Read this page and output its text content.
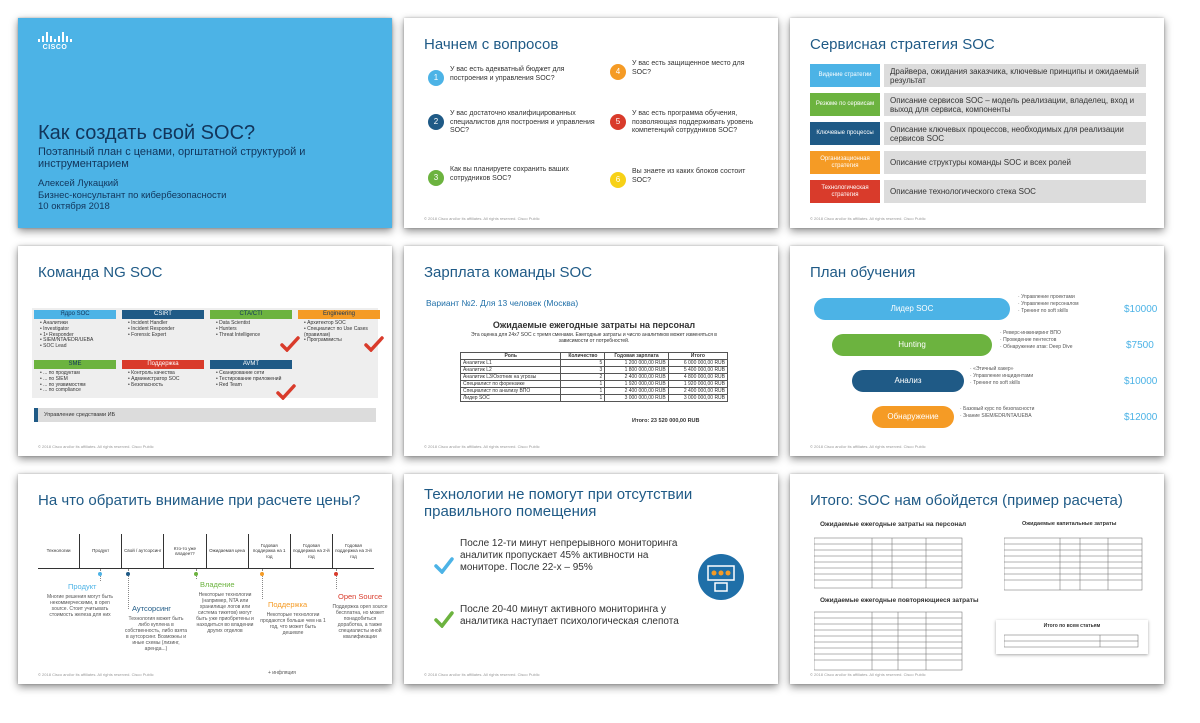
CISCO
Как создать свой SOC?
Поэтапный план с ценами, оргштатной структурой и инструментарием
Алексей Лукацкий
Бизнес-консультант по кибербезопасности
10 октября 2018
Начнем с вопросов
1
У вас есть адекватный бюджет для построения и управления SOC?
2
У вас достаточно квалифицированных специалистов для построения и управления SOC?
3
Как вы планируете сохранить ваших сотрудников SOC?
4
У вас есть защищенное место для SOC?
5
У вас есть программа обучения, позволяющая поддерживать уровень компетенций сотрудников SOC?
6
Вы знаете из каких блоков состоит SOC?
© 2018 Cisco and/or its affiliates. All rights reserved. Cisco Public
Сервисная стратегия SOC
Видение стратегии	Драйвера, ожидания заказчика, ключевые принципы и ожидаемый результат
Резюме по сервисам	Описание сервисов SOC – модель реализации, владелец, вход и выход для сервиса, компоненты
Ключевые процессы	Описание ключевых процессов, необходимых для реализации сервисов SOC
Организационная стратегия	Описание структуры команды SOC и всех ролей
Технологическая стратегия	Описание технологического стека SOC
© 2018 Cisco and/or its affiliates. All rights reserved. Cisco Public
Команда NG SOC
Ядро SOC
• Аналитики
• Investigator
• 1ᵉ Responder
• SIEM/NTA/EDR/UEBA
• SOC Lead
CSIRT
• Incident Handler
• Incident Responder
• Forensic Expert
CTA/CTI
• Data Scientist
• Hunters
• Threat Intelligence
Engineering
• Архитектор SOC
• Специалист по Use Cases (правилам)
• Программисты
SME
• ... по продуктам
• ... по SIEM
• ... по уязвимостям
• ... по compliance
Поддержка
• Контроль качества
• Администратор SOC
• Безопасность
AVMT
• Сканирование сети
• Тестирование приложений
• Red Team
Управление средствами ИБ
© 2018 Cisco and/or its affiliates. All rights reserved. Cisco Public
Зарплата команды SOC
Вариант №2. Для 13 человек (Москва)
Ожидаемые ежегодные затраты на персонал
Эта оценка для 24x7 SOC с тремя сменами. Ежегодные затраты и число аналитиков может изменяться в зависимости от потребностей.
Роль	Количество	Годовая зарплата	Итого
Аналитик L1	5	1 200 000,00 RUB	6 000 000,00 RUB
Аналитик L2	3	1 800 000,00 RUB	5 400 000,00 RUB
Аналитик L3/Охотник на угрозы	2	2 400 000,00 RUB	4 800 000,00 RUB
Специалист по форензике	1	1 920 000,00 RUB	1 920 000,00 RUB
Специалист по анализу ВПО	1	2 400 000,00 RUB	2 400 000,00 RUB
Лидер SOC	1	3 000 000,00 RUB	3 000 000,00 RUB
Итого: 23 520 000,00 RUB
© 2018 Cisco and/or its affiliates. All rights reserved. Cisco Public
План обучения
Лидер SOC
· Управление проектами
· Управление персоналом
· Тренинг по soft skills	$10000
Hunting
· Реверс-инжиниринг ВПО
· Проведение пентестов
· Обнаружение атак: Deep Dive	$7500
Анализ
· «Этичный хакер»
· Управление инцидентами
· Тренинг по soft skills	$10000
Обнаружение
· Базовый курс по безопасности
· Знание SIEM/EDR/NTA/UEBA	$12000
© 2018 Cisco and/or its affiliates. All rights reserved. Cisco Public
На что обратить внимание при расчете цены?
Технологии	Продукт	Свой / аутсорсинг
Кто-то уже владеет?
Ожидаемая цена
Годовая поддержка на 1 год
Годовая поддержка на 2-й год
Годовая поддержка на 3-й год
Продукт
Многие решения могут быть некоммерческими, в open source. Стоит учитывать стоимость железа для них
Аутсорсинг
Технология может быть либо куплена в собственность, либо взята в аутсорсинг. Возможны и иные схемы (лизинг, аренда...)
Владение
Некоторые технологии (например, NTA или хранилище логов или система тикетов) могут быть уже приобретены и находиться во владении других отделов
Поддержка
Некоторые технологии продаются больше чем на 1 год, что может быть дешевле
Open Source
Поддержка open source бесплатна, но может понадобиться доработка, а также специалисты иной квалификации
+ инфляция
© 2018 Cisco and/or its affiliates. All rights reserved. Cisco Public
Технологии не помогут при отсутствии правильного помещения
После 12-ти минут непрерывного мониторинга аналитик пропускает 45% активности на мониторе. После 22-х – 95%
После 20-40 минут активного мониторинга у аналитика наступает психологическая слепота
© 2018 Cisco and/or its affiliates. All rights reserved. Cisco Public
Итого: SOC нам обойдется (пример расчета)
Ожидаемые ежегодные затраты на персонал	Ожидаемые капитальные затраты
Ожидаемые ежегодные повторяющиеся затраты
Итого по всем статьям
© 2018 Cisco and/or its affiliates. All rights reserved. Cisco Public
